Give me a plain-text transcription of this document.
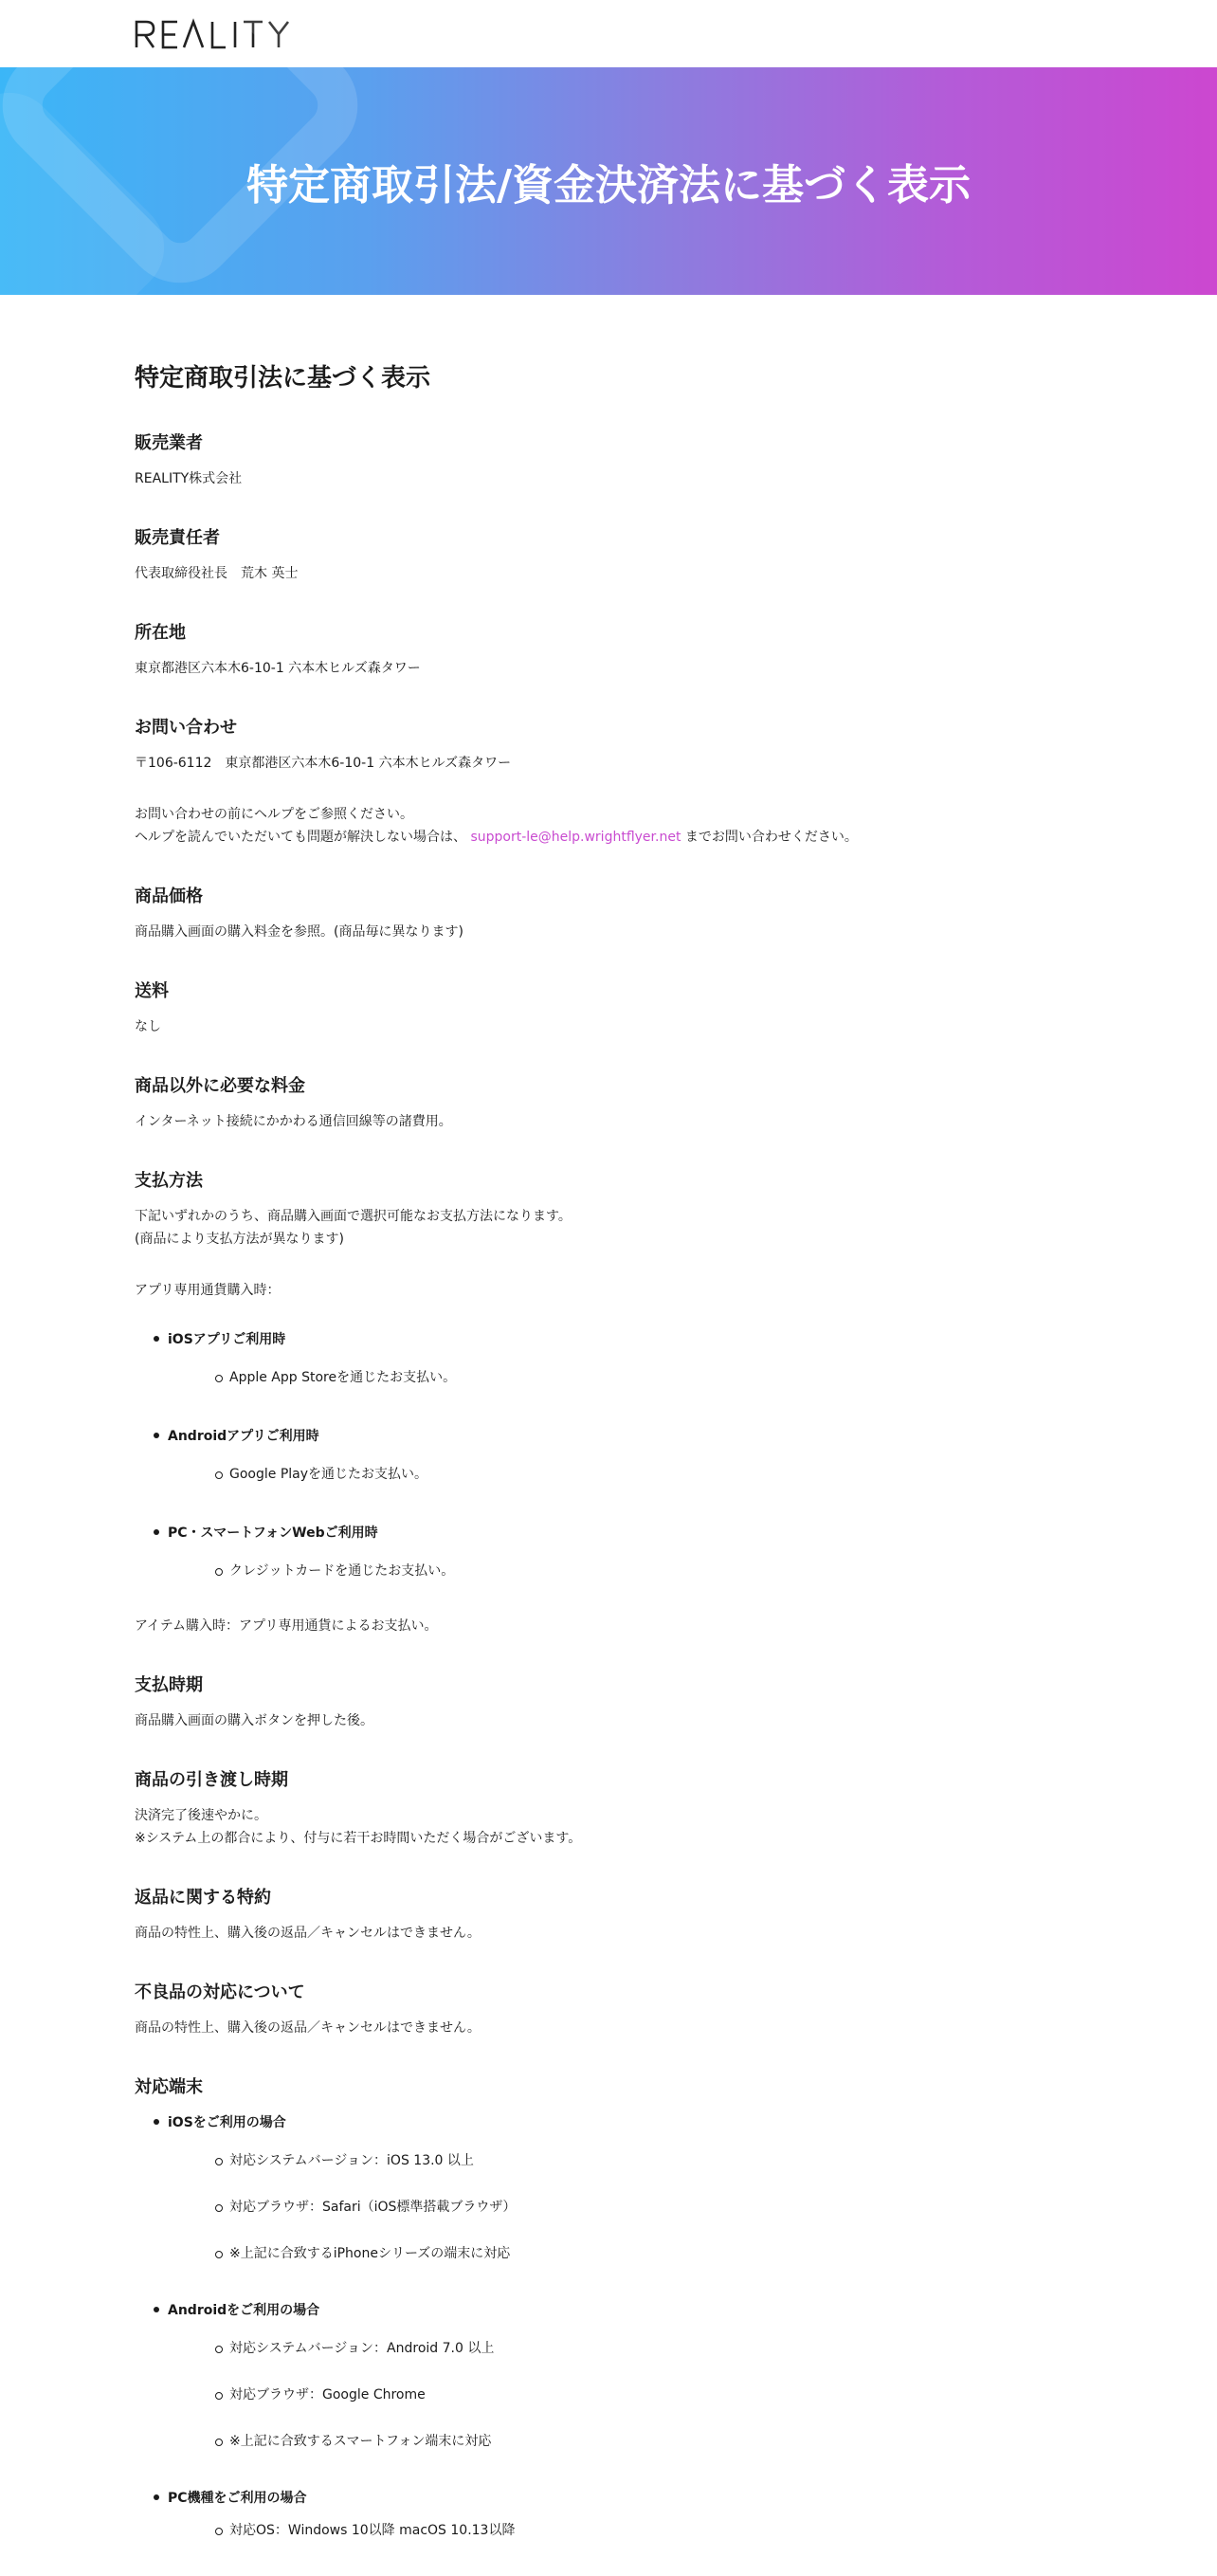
特定商取引法/資金決済法に基づく表示
特定商取引法に基づく表示
販売業者

REALITY株式会社

販売責任者

代表取締役社長　荒木 英士

所在地

東京都港区六本木6-10-1 六本木ヒルズ森タワー

お問い合わせ

〒106-6112　東京都港区六本木6-10-1 六本木ヒルズ森タワー

お問い合わせの前にヘルプをご参照ください。

ヘルプを読んでいただいても問題が解決しない場合は、 support-le@help.wrightflyer.net までお問い合わせください。

商品価格

商品購入画面の購入料金を参照。(商品毎に異なります)

送料

なし

商品以外に必要な料金

インターネット接続にかかわる通信回線等の諸費用。

支払方法

下記いずれかのうち、商品購入画面で選択可能なお支払方法になります。

(商品により支払方法が異なります)

アプリ専用通貨購入時：

iOSアプリご利用時
Apple App Storeを通じたお支払い。
Androidアプリご利用時
Google Playを通じたお支払い。
PC・スマートフォンWebご利用時
クレジットカードを通じたお支払い。

アイテム購入時：アプリ専用通貨によるお支払い。

支払時期

商品購入画面の購入ボタンを押した後。

商品の引き渡し時期

決済完了後速やかに。

※システム上の都合により、付与に若干お時間いただく場合がございます。

返品に関する特約

商品の特性上、購入後の返品／キャンセルはできません。

不良品の対応について

商品の特性上、購入後の返品／キャンセルはできません。

対応端末
iOSをご利用の場合
対応システムバージョン：iOS 13.0 以上
対応ブラウザ：Safari（iOS標準搭載ブラウザ）
※上記に合致するiPhoneシリーズの端末に対応
Androidをご利用の場合
対応システムバージョン：Android 7.0 以上
対応ブラウザ：Google Chrome
※上記に合致するスマートフォン端末に対応
PC機種をご利用の場合
対応OS：Windows 10以降 macOS 10.13以降
